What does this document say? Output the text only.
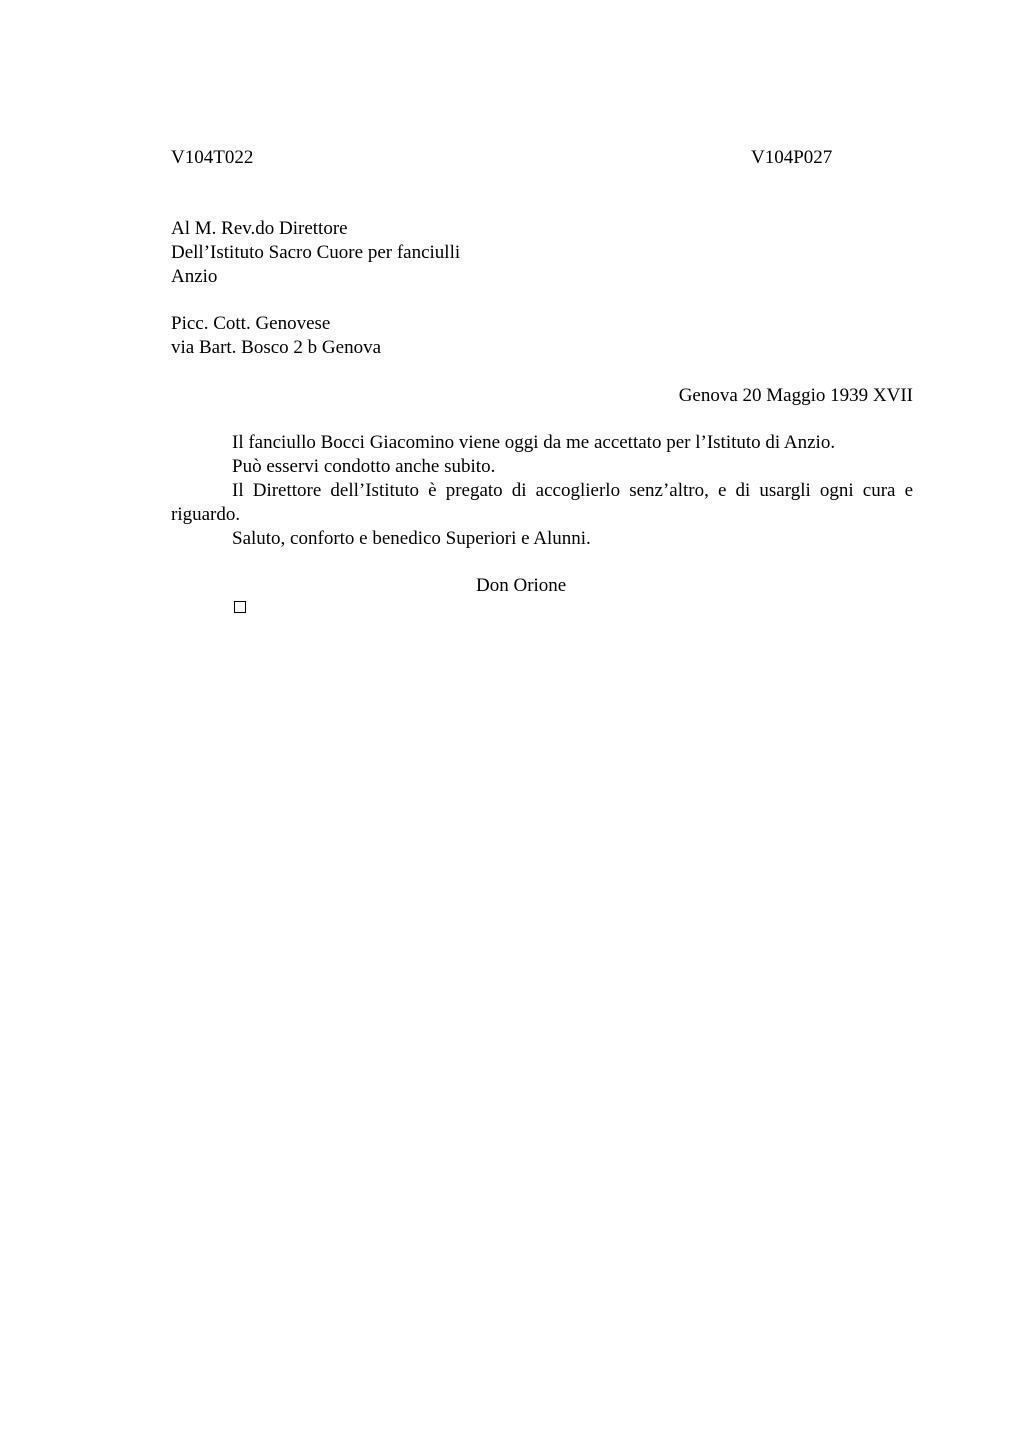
V104T022	V104P027
Al M. Rev.do Direttore
Dell’Istituto Sacro Cuore per fanciulli
Anzio
Picc. Cott. Genovese
via Bart. Bosco 2 b Genova
Genova 20 Maggio 1939 XVII

Il fanciullo Bocci Giacomino viene oggi da me accettato per l’Istituto di Anzio.

Può esservi condotto anche subito.

Il Direttore dell’Istituto è pregato di accoglierlo senz’altro, e di usargli ogni cura e riguardo.

Saluto, conforto e benedico Superiori e Alunni.

Don Orione
